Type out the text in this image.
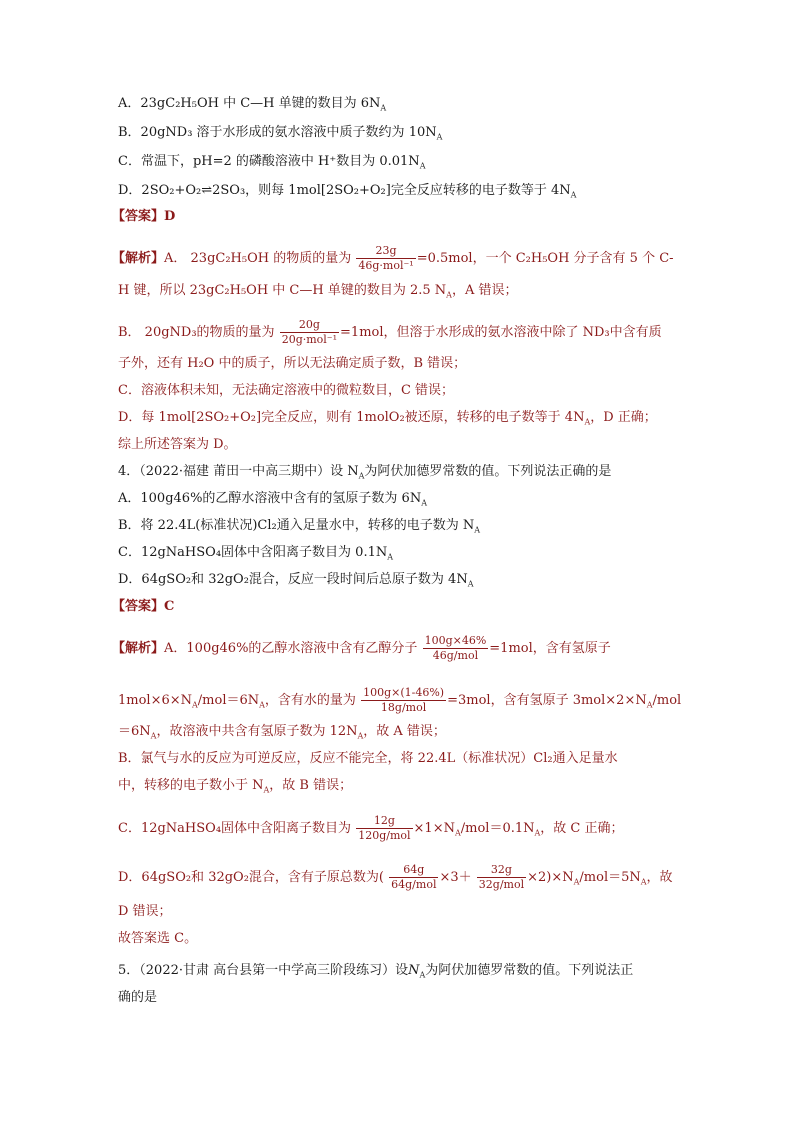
A．23gC₂H₅OH 中 C—H 单键的数目为 $6N_A$
B．20gND₃ 溶于水形成的氨水溶液中质子数约为 $10N_A$
C．常温下，pH=2 的磷酸溶液中 H⁺数目为 $0.01N_A$
D．2SO₂+O₂⇌2SO₃，则每 1mol[2SO₂+O₂]完全反应转移的电子数等于 $4N_A$
【答案】D
【解析】A． 23gC₂H₅OH 的物质的量为 $\frac{23g}{\text{46g·mol⁻¹}} =0.5mol$，一个 C₂H₅OH 分子含有 5 个 C-
H 键，所以 23gC₂H₅OH 中 C—H 单键的数目为 2.5 $N_A$，A 错误；
B． 20gND₃的物质的量为 $\frac{20g}{\text{20g·mol⁻¹}} =1mol$，但溶于水形成的氨水溶液中除了 ND₃中含有质
子外，还有 H₂O 中的质子，所以无法确定质子数，B 错误；
C．溶液体积未知，无法确定溶液中的微粒数目，C 错误；
D．每 1mol[2SO₂+O₂]完全反应，则有 1molO₂被还原，转移的电子数等于 $4N_A$，D 正确；
综上所述答案为 D。
4．（2022·福建 莆田一中高三期中）设 $N_A$为阿伏加德罗常数的值。下列说法正确的是
A．100g46%的乙醇水溶液中含有的氢原子数为 $6N_A$
B．将 22.4L(标准状况)Cl₂通入足量水中，转移的电子数为 $N_A$
C．12gNaHSO₄固体中含阳离子数目为 $0.1N_A$
D．64gSO₂和 32gO₂混合，反应一段时间后总原子数为 $4N_A$
【答案】C
【解析】A．100g46%的乙醇水溶液中含有乙醇分子 $\frac{100g\times 46\%}{\text{46g/mol}} =1mol$，含有氢原子
$1mol\times 6\times N_A/mol=6N_A$，含有水的量为 $\frac{100g\times(1-46\%)}{\text{18g/mol}} =3mol$，含有氢原子 $3mol\times 2\times N_A$/mol
$=6N_A$，故溶液中共含有氢原子数为 $12N_A$，故 A 错误；
B．氯气与水的反应为可逆反应，反应不能完全，将 22.4L（标准状况）Cl₂通入足量水
中，转移的电子数小于 $N_A$，故 B 错误；
C．12gNaHSO₄固体中含阳离子数目为 $\frac{12g}{\text{120g/mol}} \times 1\times N_A/mol=0.1N_A$，故 C 正确；
D．64gSO₂和 32gO₂混合，含有子原总数为( $\frac{64g}{\text{64g/mol}} \times 3+ \frac{32g}{\text{32g/mol}} \times 2)\times N_A/mol=5N_A$，故
D 错误；
故答案选 C。
5．（2022·甘肃 高台县第一中学高三阶段练习）设$N_A$为阿伏加德罗常数的值。下列说法正
确的是
